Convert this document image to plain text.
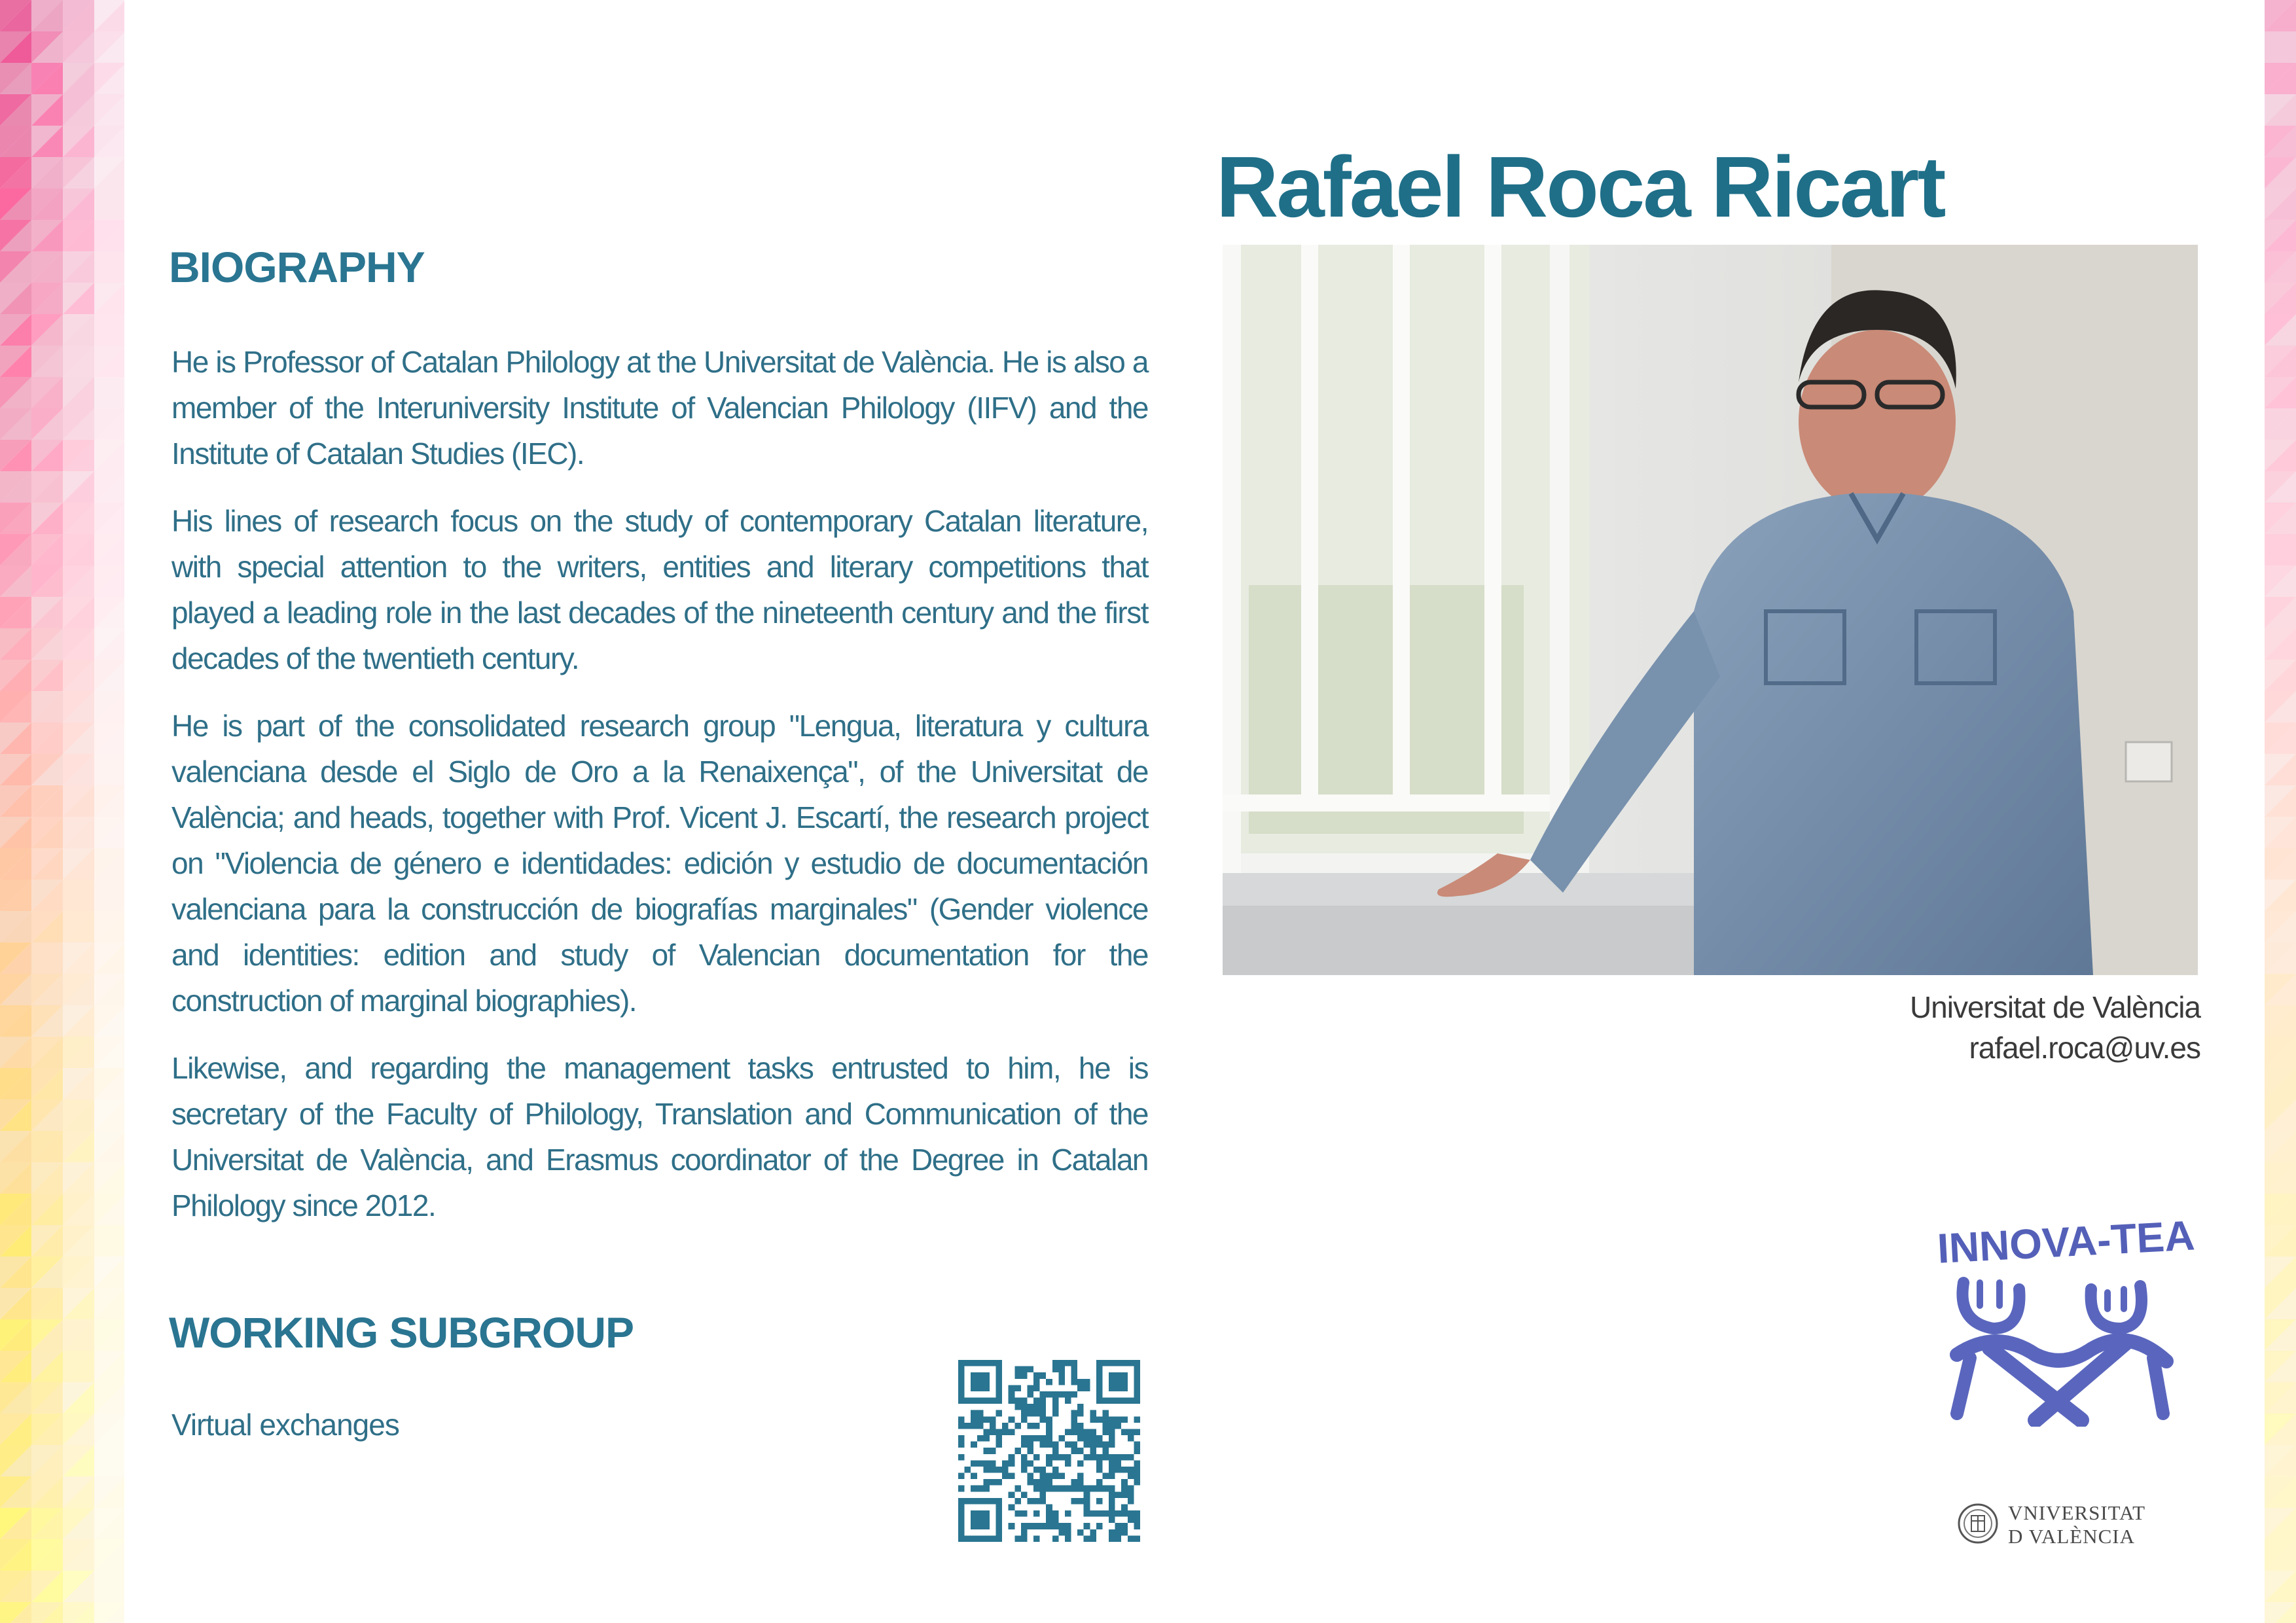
BIOGRAPHY

He is Professor of Catalan Philology at the Universitat de València. He is also a member of the Interuniversity Institute of Valencian Philology (IIFV) and the Institute of Catalan Studies (IEC).

His lines of research focus on the study of contemporary Catalan literature, with special attention to the writers, entities and literary competitions that played a leading role in the last decades of the nineteenth century and the first decades of the twentieth century.

He is part of the consolidated research group "Lengua, literatura y cultura valenciana desde el Siglo de Oro a la Renaixença", of the Universitat de València; and heads, together with Prof. Vicent J. Escartí, the research project on "Violencia de género e identidades: edición y estudio de documentación valenciana para la construcción de biografías marginales" (Gender violence and identities: edition and study of Valencian documentation for the construction of marginal biographies).

Likewise, and regarding the management tasks entrusted to him, he is secretary of the Faculty of Philology, Translation and Communication of the Universitat de València, and Erasmus coordinator of the Degree in Catalan Philology since 2012.

WORKING SUBGROUP
Virtual exchanges
Rafael Roca Ricart
Universitat de València
rafael.roca@uv.es
INNOVA-TEA
VNIVERSITAT
D VALÈNCIA
